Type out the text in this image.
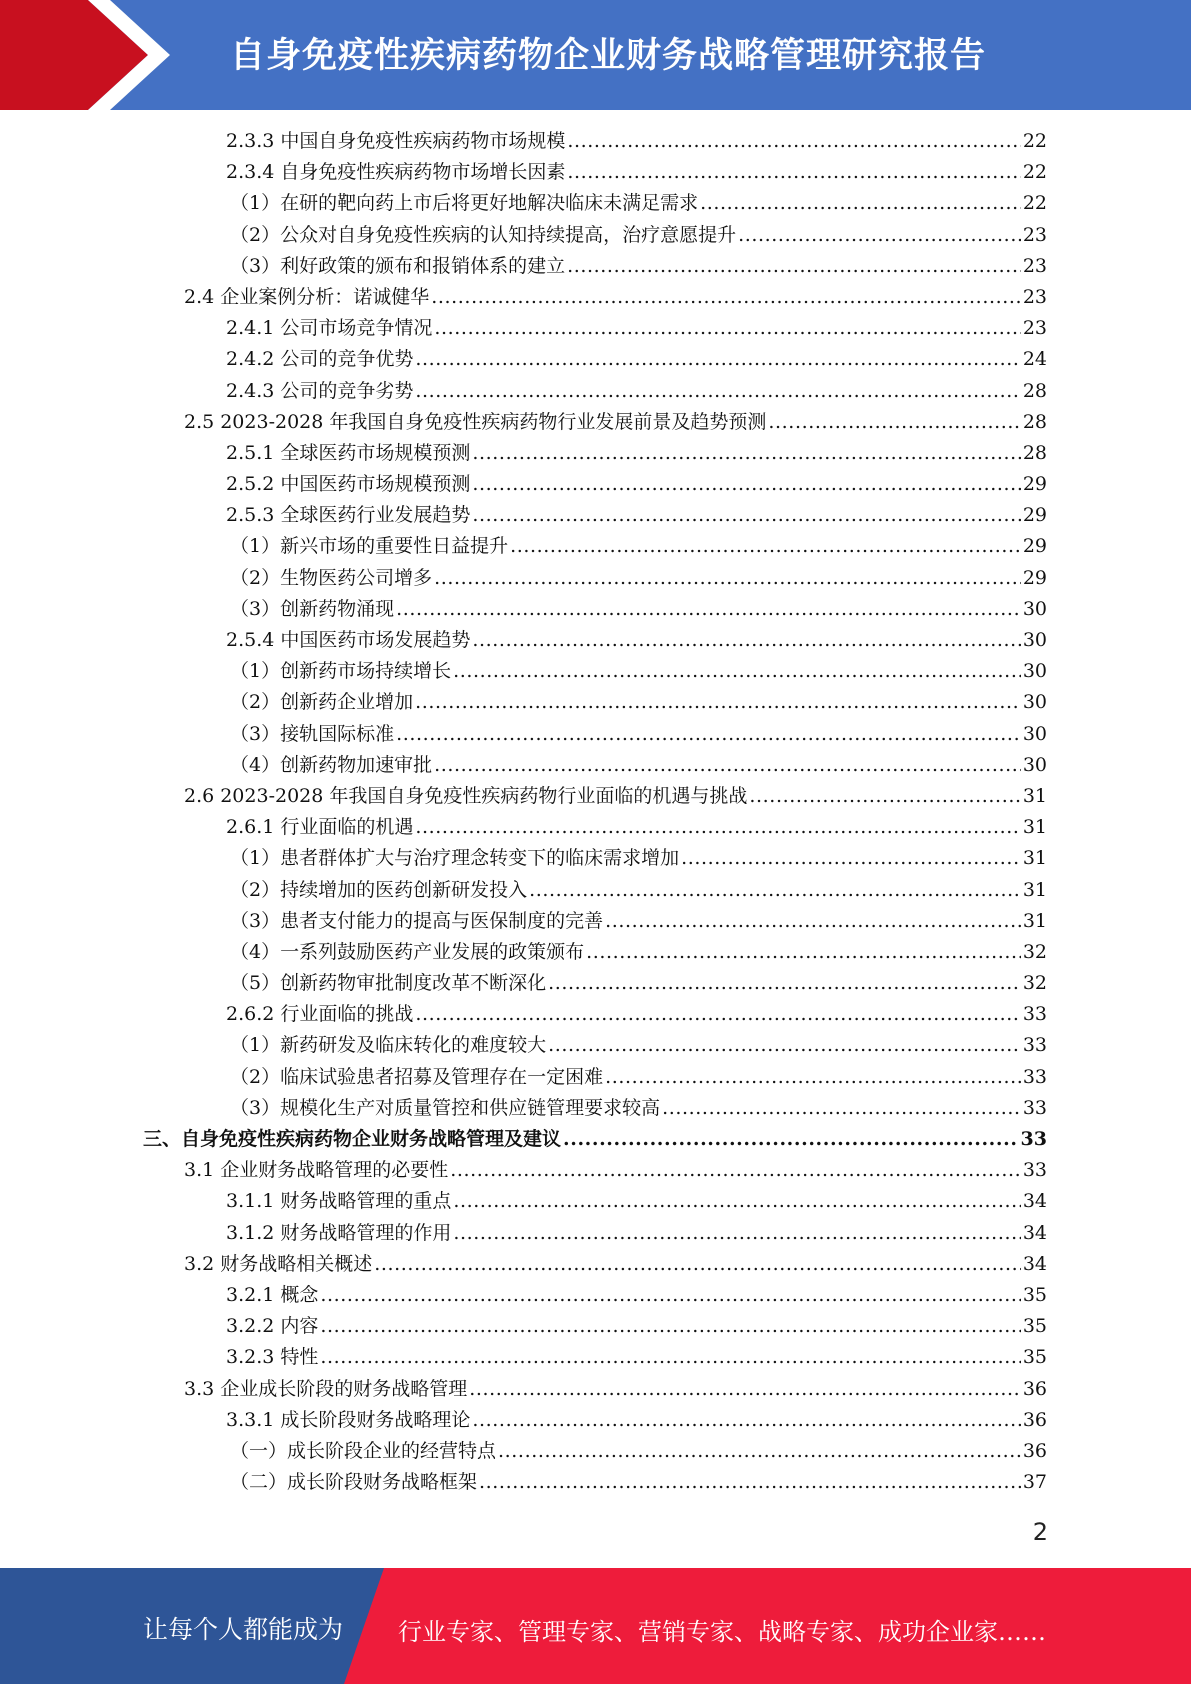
自身免疫性疾病药物企业财务战略管理研究报告
2.3.3 中国自身免疫性疾病药物市场规模 .....	22
2.3.4 自身免疫性疾病药物市场增长因素 .....	22
（1）在研的靶向药上市后将更好地解决临床未满足需求 .....	22
（2）公众对自身免疫性疾病的认知持续提高，治疗意愿提升 .....	23
（3）利好政策的颁布和报销体系的建立 .....	23
2.4 企业案例分析：诺诚健华 .....	23
2.4.1 公司市场竞争情况 .....	23
2.4.2 公司的竞争优势 .....	24
2.4.3 公司的竞争劣势 .....	28
2.5 2023-2028 年我国自身免疫性疾病药物行业发展前景及趋势预测 .....	28
2.5.1 全球医药市场规模预测 .....	28
2.5.2 中国医药市场规模预测 .....	29
2.5.3 全球医药行业发展趋势 .....	29
（1）新兴市场的重要性日益提升 .....	29
（2）生物医药公司增多 .....	29
（3）创新药物涌现 .....	30
2.5.4 中国医药市场发展趋势 .....	30
（1）创新药市场持续增长 .....	30
（2）创新药企业增加 .....	30
（3）接轨国际标准 .....	30
（4）创新药物加速审批 .....	30
2.6 2023-2028 年我国自身免疫性疾病药物行业面临的机遇与挑战 .....	31
2.6.1 行业面临的机遇 .....	31
（1）患者群体扩大与治疗理念转变下的临床需求增加 .....	31
（2）持续增加的医药创新研发投入 .....	31
（3）患者支付能力的提高与医保制度的完善 .....	31
（4）一系列鼓励医药产业发展的政策颁布 .....	32
（5）创新药物审批制度改革不断深化 .....	32
2.6.2 行业面临的挑战 .....	33
（1）新药研发及临床转化的难度较大 .....	33
（2）临床试验患者招募及管理存在一定困难 .....	33
（3）规模化生产对质量管控和供应链管理要求较高 .....	33
三、自身免疫性疾病药物企业财务战略管理及建议 .....	33
3.1 企业财务战略管理的必要性 .....	33
3.1.1 财务战略管理的重点 .....	34
3.1.2 财务战略管理的作用 .....	34
3.2 财务战略相关概述 .....	34
3.2.1 概念 .....	35
3.2.2 内容 .....	35
3.2.3 特性 .....	35
3.3 企业成长阶段的财务战略管理 .....	36
3.3.1 成长阶段财务战略理论 .....	36
（一）成长阶段企业的经营特点 .....	36
（二）成长阶段财务战略框架 .....	37
2
让每个人都能成为 行业专家、管理专家、营销专家、战略专家、成功企业家……
